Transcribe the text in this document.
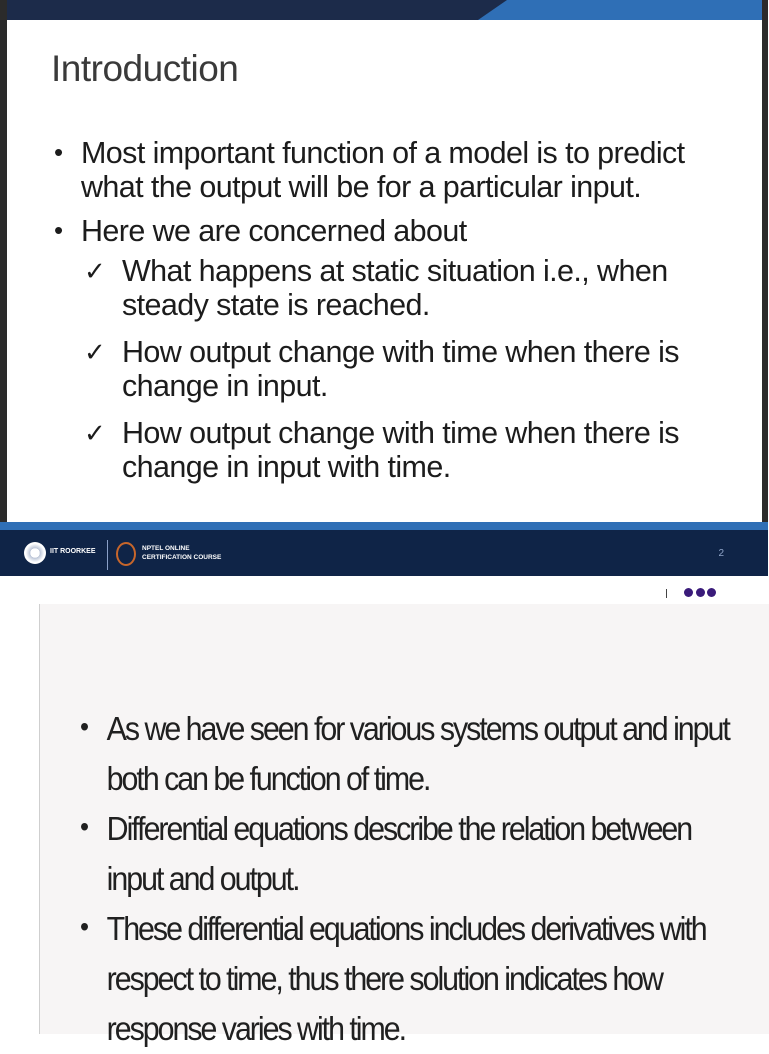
Introduction
• Most important function of a model is to predict what the output will be for a particular input.
• Here we are concerned about
✓ What happens at static situation i.e., when steady state is reached.
✓ How output change with time when there is change in input.
✓ How output change with time when there is change in input with time.
IIT ROORKEE	NPTEL ONLINE
CERTIFICATION COURSE	2
• As we have seen for various systems output and input both can be function of time.
• Differential equations describe the relation between input and output.
• These differential equations includes derivatives with respect to time, thus there solution indicates how response varies with time.
